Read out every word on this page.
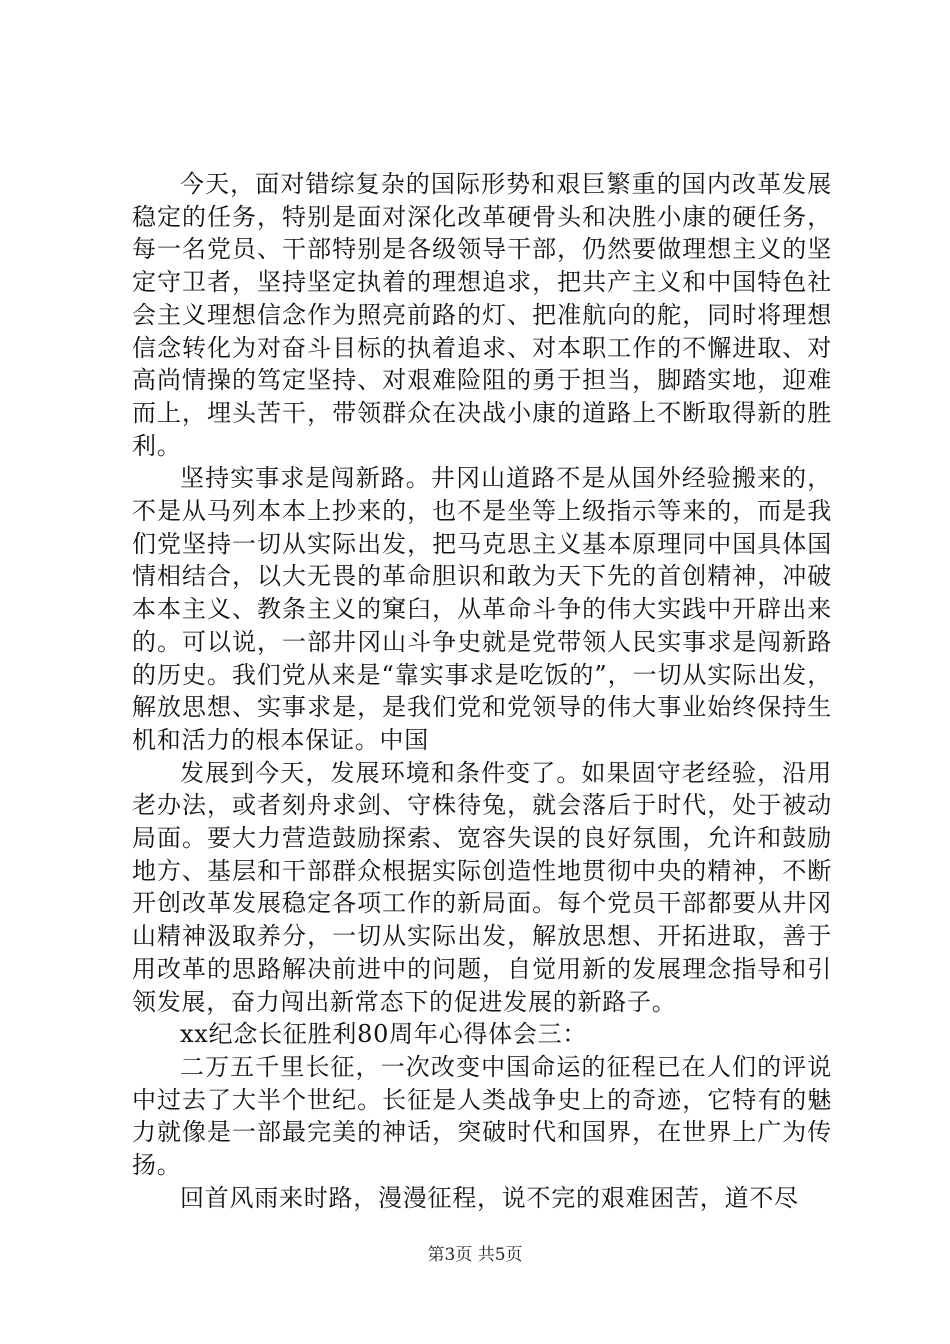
今天，面对错综复杂的国际形势和艰巨繁重的国内改革发展稳定的任务，特别是面对深化改革硬骨头和决胜小康的硬任务，每一名党员、干部特别是各级领导干部，仍然要做理想主义的坚定守卫者，坚持坚定执着的理想追求，把共产主义和中国特色社会主义理想信念作为照亮前路的灯、把准航向的舵，同时将理想信念转化为对奋斗目标的执着追求、对本职工作的不懈进取、对高尚情操的笃定坚持、对艰难险阻的勇于担当，脚踏实地，迎难而上，埋头苦干，带领群众在决战小康的道路上不断取得新的胜利。

坚持实事求是闯新路。井冈山道路不是从国外经验搬来的，不是从马列本本上抄来的，也不是坐等上级指示等来的，而是我们党坚持一切从实际出发，把马克思主义基本原理同中国具体国情相结合，以大无畏的革命胆识和敢为天下先的首创精神，冲破本本主义、教条主义的窠臼，从革命斗争的伟大实践中开辟出来的。可以说，一部井冈山斗争史就是党带领人民实事求是闯新路的历史。我们党从来是“靠实事求是吃饭的”，一切从实际出发，解放思想、实事求是，是我们党和党领导的伟大事业始终保持生机和活力的根本保证。中国

发展到今天，发展环境和条件变了。如果固守老经验，沿用老办法，或者刻舟求剑、守株待兔，就会落后于时代，处于被动局面。要大力营造鼓励探索、宽容失误的良好氛围，允许和鼓励地方、基层和干部群众根据实际创造性地贯彻中央的精神，不断开创改革发展稳定各项工作的新局面。每个党员干部都要从井冈山精神汲取养分，一切从实际出发，解放思想、开拓进取，善于用改革的思路解决前进中的问题，自觉用新的发展理念指导和引领发展，奋力闯出新常态下的促进发展的新路子。

xx纪念长征胜利80周年心得体会三：

二万五千里长征，一次改变中国命运的征程已在人们的评说中过去了大半个世纪。长征是人类战争史上的奇迹，它特有的魅力就像是一部最完美的神话，突破时代和国界，在世界上广为传扬。

回首风雨来时路，漫漫征程，说不完的艰难困苦，道不尽

第3页 共5页
